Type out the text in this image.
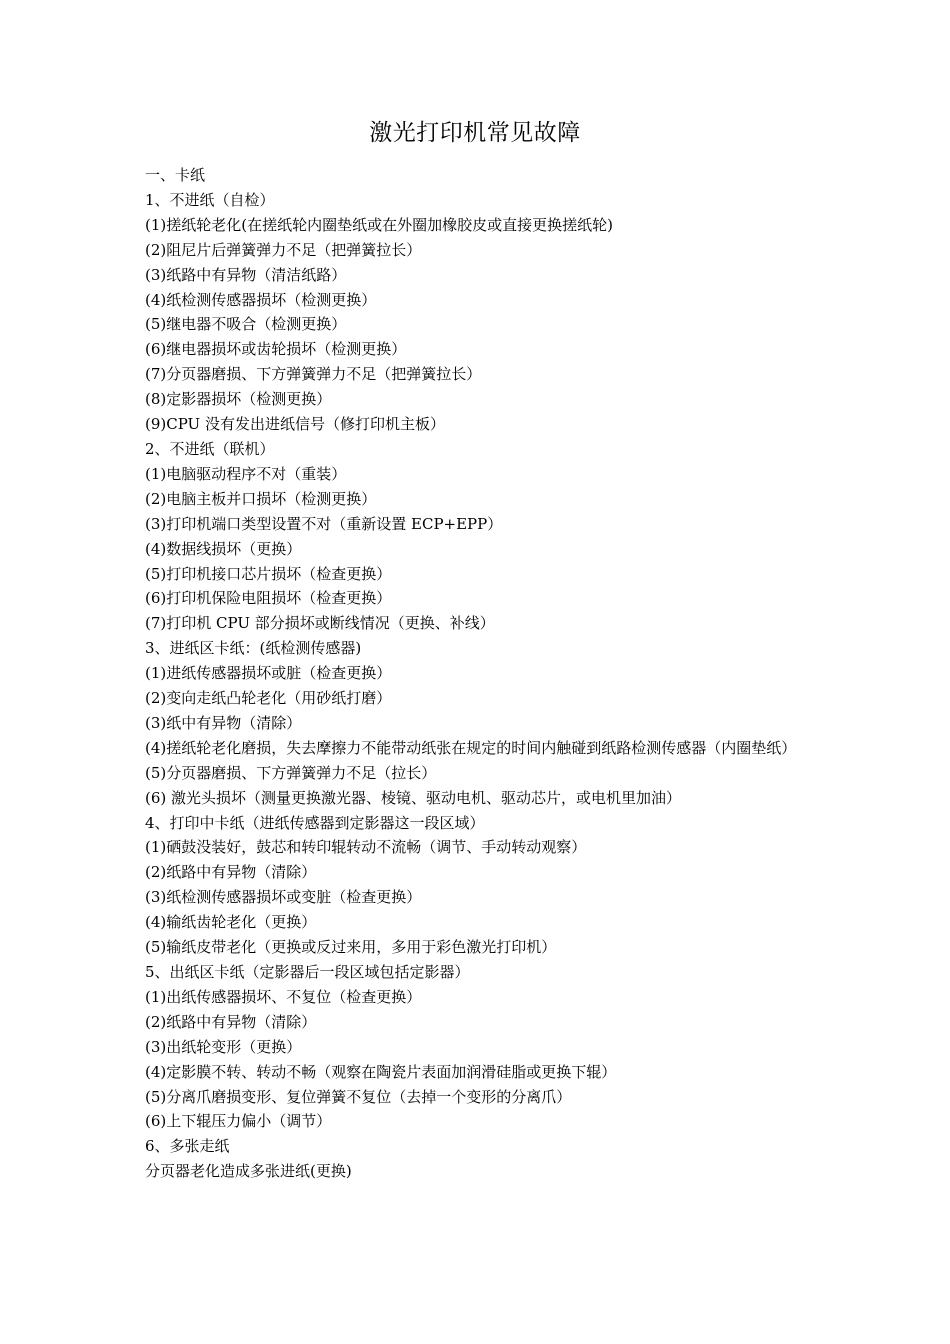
激光打印机常见故障
一、卡纸
1、不进纸（自检）
(1)搓纸轮老化(在搓纸轮内圈垫纸或在外圈加橡胶皮或直接更换搓纸轮)
(2)阻尼片后弹簧弹力不足（把弹簧拉长）
(3)纸路中有异物（清洁纸路）
(4)纸检测传感器损坏（检测更换）
(5)继电器不吸合（检测更换）
(6)继电器损坏或齿轮损坏（检测更换）
(7)分页器磨损、下方弹簧弹力不足（把弹簧拉长）
(8)定影器损坏（检测更换）
(9)CPU 没有发出进纸信号（修打印机主板）
2、不进纸（联机）
(1)电脑驱动程序不对（重装）
(2)电脑主板并口损坏（检测更换）
(3)打印机端口类型设置不对（重新设置 ECP+EPP）
(4)数据线损坏（更换）
(5)打印机接口芯片损坏（检查更换）
(6)打印机保险电阻损坏（检查更换）
(7)打印机 CPU 部分损坏或断线情况（更换、补线）
3、进纸区卡纸：(纸检测传感器)
(1)进纸传感器损坏或脏（检查更换）
(2)变向走纸凸轮老化（用砂纸打磨）
(3)纸中有异物（清除）
(4)搓纸轮老化磨损，失去摩擦力不能带动纸张在规定的时间内触碰到纸路检测传感器（内圈垫纸）
(5)分页器磨损、下方弹簧弹力不足（拉长）
(6) 激光头损坏（测量更换激光器、棱镜、驱动电机、驱动芯片，或电机里加油）
4、打印中卡纸（进纸传感器到定影器这一段区域）
(1)硒鼓没装好，鼓芯和转印辊转动不流畅（调节、手动转动观察）
(2)纸路中有异物（清除）
(3)纸检测传感器损坏或变脏（检查更换）
(4)输纸齿轮老化（更换）
(5)输纸皮带老化（更换或反过来用，多用于彩色激光打印机）
5、出纸区卡纸（定影器后一段区域包括定影器）
(1)出纸传感器损坏、不复位（检查更换）
(2)纸路中有异物（清除）
(3)出纸轮变形（更换）
(4)定影膜不转、转动不畅（观察在陶瓷片表面加润滑硅脂或更换下辊）
(5)分离爪磨损变形、复位弹簧不复位（去掉一个变形的分离爪）
(6)上下辊压力偏小（调节）
6、多张走纸
分页器老化造成多张进纸(更换)
